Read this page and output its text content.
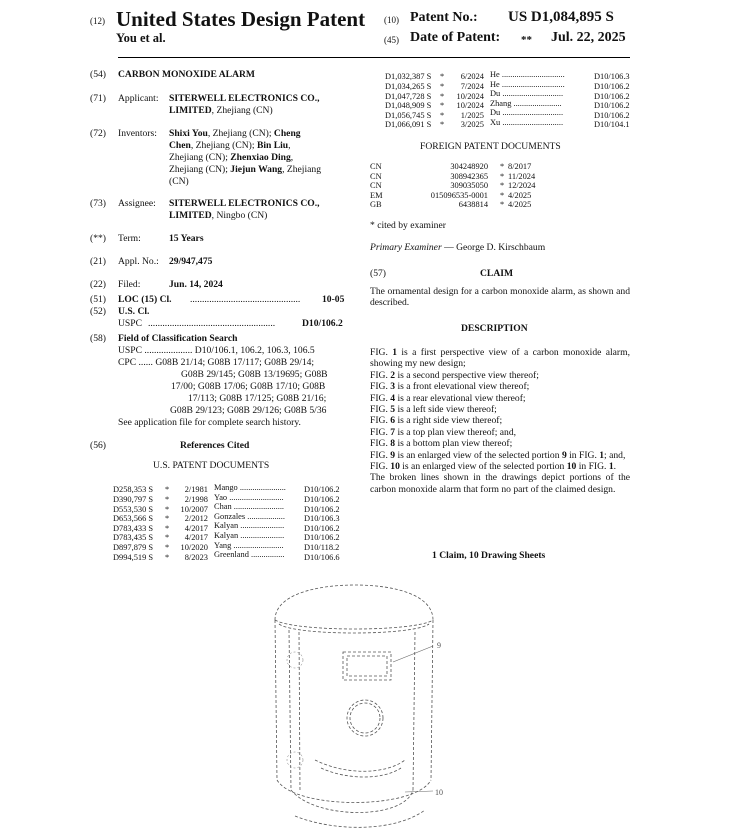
(12) United States Design Patent
You et al.
(10) Patent No.: US D1,084,895 S
(45) Date of Patent: ** Jul. 22, 2025
(54) CARBON MONOXIDE ALARM
(71) Applicant: SITERWELL ELECTRONICS CO.,
LIMITED, Zhejiang (CN)
(72) Inventors: Shixi You, Zhejiang (CN); Cheng
Chen, Zhejiang (CN); Bin Liu,
Zhejiang (CN); Zhenxiao Ding,
Zhejiang (CN); Jiejun Wang, Zhejiang
(CN)
(73) Assignee: SITERWELL ELECTRONICS CO.,
LIMITED, Ningbo (CN)
(**) Term:	15 Years
(21) Appl. No.: 29/947,475
(22) Filed:	Jun. 14, 2024
(51) LOC (15) Cl. .............................................. 10-05
(52) U.S. Cl.
USPC .....................................................	D10/106.2
(58) Field of Classification Search
USPC .................... D10/106.1, 106.2, 106.3, 106.5
CPC ...... G08B 21/14; G08B 17/117; G08B 29/14;
G08B 29/145; G08B 13/19695; G08B
17/00; G08B 17/06; G08B 17/10; G08B
17/113; G08B 17/125; G08B 21/16;
G08B 29/123; G08B 29/126; G08B 5/36
See application file for complete search history.
(56)	References Cited
U.S. PATENT DOCUMENTS
D258,353 S * 2/1981 Mango ...................... D10/106.2
D390,797 S * 2/1998 Yao .......................... D10/106.2
D553,530 S * 10/2007 Chan ........................ D10/106.2
D653,566 S * 2/2012 Gonzales .................. D10/106.3
D783,433 S * 4/2017 Kalyan ..................... D10/106.2
D783,435 S * 4/2017 Kalyan ..................... D10/106.2
D897,879 S * 10/2020 Yang ........................ D10/118.2
D994,519 S * 8/2023 Greenland ................ D10/106.6
D1,032,387 S * 6/2024 He ..............................	D10/106.3
D1,034,265 S * 7/2024 He ..............................	D10/106.2
D1,047,728 S * 10/2024 Du .............................	D10/106.2
D1,048,909 S * 10/2024 Zhang .......................	D10/106.2
D1,056,745 S * 1/2025 Du .............................	D10/106.2
D1,066,091 S * 3/2025 Xu .............................	D10/104.1
FOREIGN PATENT DOCUMENTS
CN	304248920 * 8/2017
CN	308942365 * 11/2024
CN	309035050 * 12/2024
EM	015096535-0001 * 4/2025
GB	6438814 * 4/2025
* cited by examiner
Primary Examiner — George D. Kirschbaum
(57)	CLAIM
The ornamental design for a carbon monoxide alarm, as shown and described.
DESCRIPTION

FIG. 1 is a first perspective view of a carbon monoxide alarm, showing my new design;

FIG. 2 is a second perspective view thereof;

FIG. 3 is a front elevational view thereof;

FIG. 4 is a rear elevational view thereof;

FIG. 5 is a left side view thereof;

FIG. 6 is a right side view thereof;

FIG. 7 is a top plan view thereof; and,

FIG. 8 is a bottom plan view thereof;

FIG. 9 is an enlarged view of the selected portion 9 in FIG. 1; and,

FIG. 10 is an enlarged view of the selected portion 10 in FIG. 1.

The broken lines shown in the drawings depict portions of the carbon monoxide alarm that form no part of the claimed design.

1 Claim, 10 Drawing Sheets
9
10
